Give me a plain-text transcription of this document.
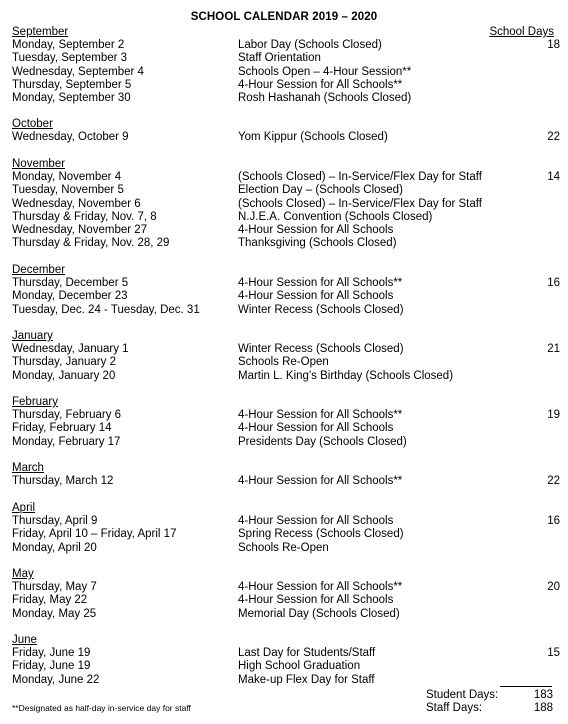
SCHOOL CALENDAR 2019 – 2020
School Days
September
Monday, September 2	Labor Day (Schools Closed)	18
Tuesday, September 3	Staff Orientation
Wednesday, September 4	Schools Open – 4-Hour Session**
Thursday, September 5	4-Hour Session for All Schools**
Monday, September 30	Rosh Hashanah (Schools Closed)
October
Wednesday, October 9	Yom Kippur (Schools Closed)	22
November
Monday, November 4	(Schools Closed) – In-Service/Flex Day for Staff	14
Tuesday, November 5	Election Day – (Schools Closed)
Wednesday, November 6	(Schools Closed) – In-Service/Flex Day for Staff
Thursday & Friday, Nov. 7, 8	N.J.E.A. Convention (Schools Closed)
Wednesday, November 27	4-Hour Session for All Schools
Thursday & Friday, Nov. 28, 29	Thanksgiving (Schools Closed)
December
Thursday, December 5	4-Hour Session for All Schools**	16
Monday, December 23	4-Hour Session for All Schools
Tuesday, Dec. 24 - Tuesday, Dec. 31	Winter Recess (Schools Closed)
January
Wednesday, January 1	Winter Recess (Schools Closed)	21
Thursday, January 2	Schools Re-Open
Monday, January 20	Martin L. King's Birthday (Schools Closed)
February
Thursday, February 6	4-Hour Session for All Schools**	19
Friday, February 14	4-Hour Session for All Schools
Monday, February 17	Presidents Day (Schools Closed)
March
Thursday, March 12	4-Hour Session for All Schools**	22
April
Thursday, April 9	4-Hour Session for All Schools	16
Friday, April 10 – Friday, April 17	Spring Recess (Schools Closed)
Monday, April 20	Schools Re-Open
May
Thursday, May 7	4-Hour Session for All Schools**	20
Friday, May 22	4-Hour Session for All Schools
Monday, May 25	Memorial Day (Schools Closed)
June
Friday, June 19	Last Day for Students/Staff	15
Friday, June 19	High School Graduation
Monday, June 22	Make-up Flex Day for Staff
Student Days:	183
Staff Days:	188
**Designated as half-day in-service day for staff
